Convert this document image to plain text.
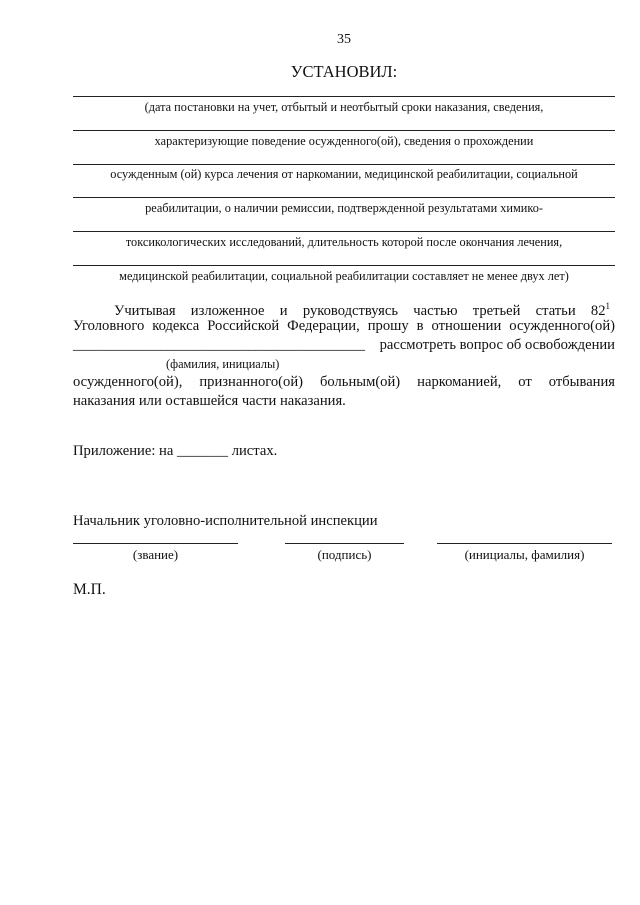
35
УСТАНОВИЛ:
(дата постановки на учет, отбытый и неотбытый сроки наказания, сведения,
характеризующие поведение осужденного(ой), сведения о прохождении
осужденным (ой) курса лечения от наркомании, медицинской реабилитации, социальной
реабилитации, о наличии ремиссии, подтвержденной результатами химико-
токсикологических исследований, длительность которой после окончания лечения,
медицинской реабилитации, социальной реабилитации составляет не менее двух лет)
Учитывая изложенное и руководствуясь частью третьей статьи $82^1$
Уголовного кодекса Российской Федерации, прошу в отношении осужденного(ой)
________________________________________ рассмотреть вопрос об освобождении
(фамилия, инициалы)
осужденного(ой), признанного(ой) больным(ой) наркоманией, от отбывания
наказания или оставшейся части наказания.
Приложение: на _______ листах.
Начальник уголовно-исполнительной инспекции
(звание)	(подпись)	(инициалы, фамилия)
М.П.
